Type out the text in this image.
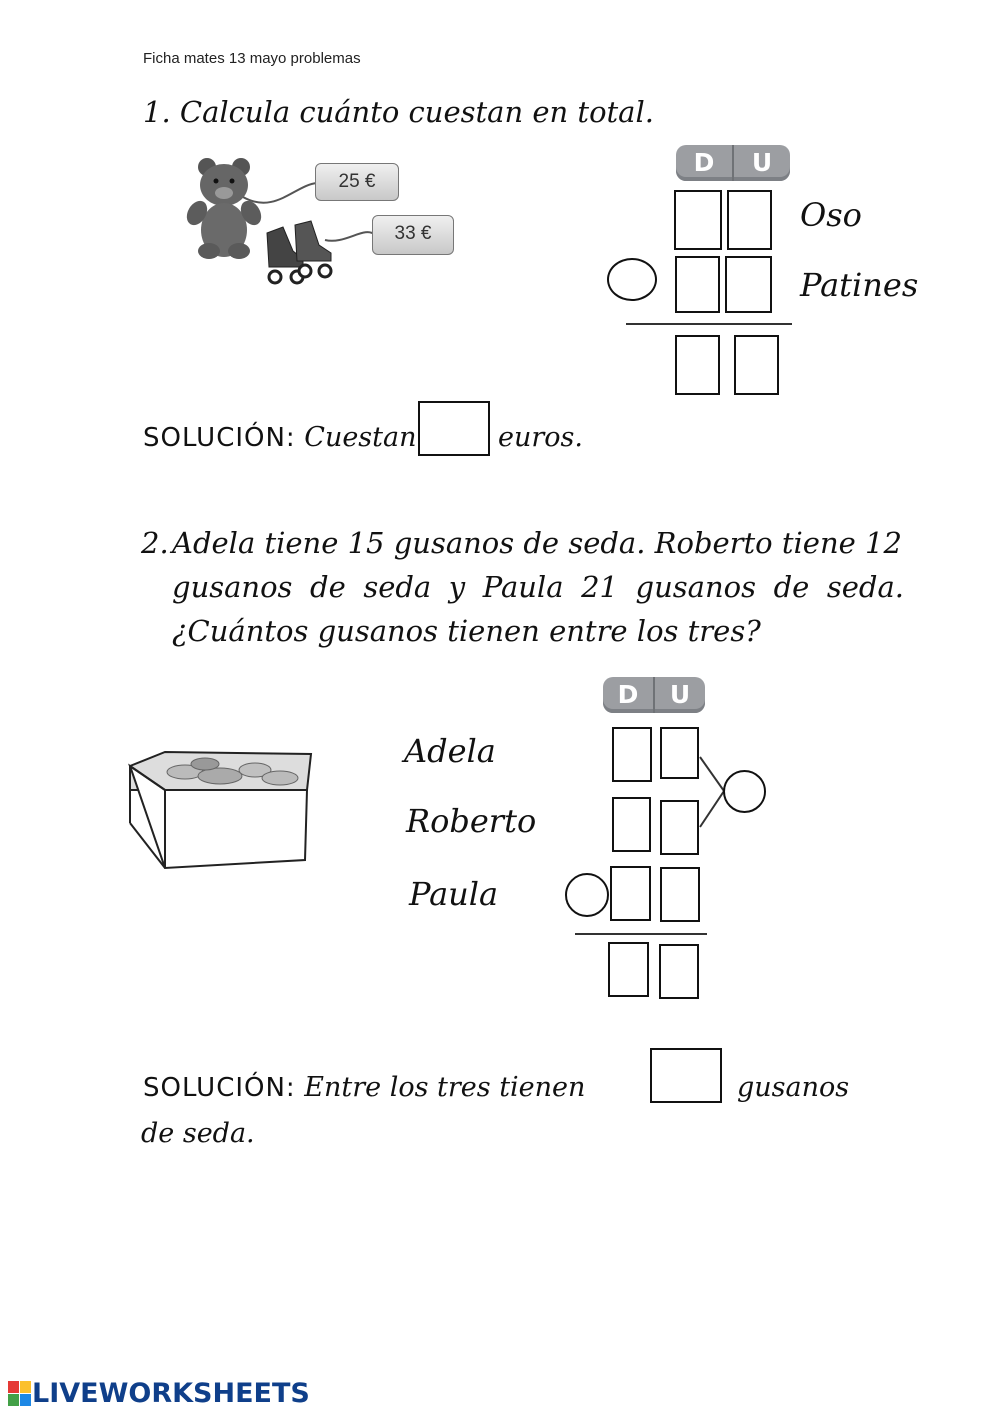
Ficha mates 13 mayo problemas
1. Calcula cuánto cuestan en total.
25 €
33 €
D	U
Oso
Patines
SOLUCIÓN: Cuestan	euros.
2. Adela tiene 15 gusanos de seda. Roberto tiene 12
gusanos de seda y Paula 21 gusanos de seda.
¿Cuántos gusanos tienen entre los tres?
Adela
Roberto
Paula
D	U
SOLUCIÓN: Entre los tres tienen	gusanos
de seda.
LIVEWORKSHEETS
